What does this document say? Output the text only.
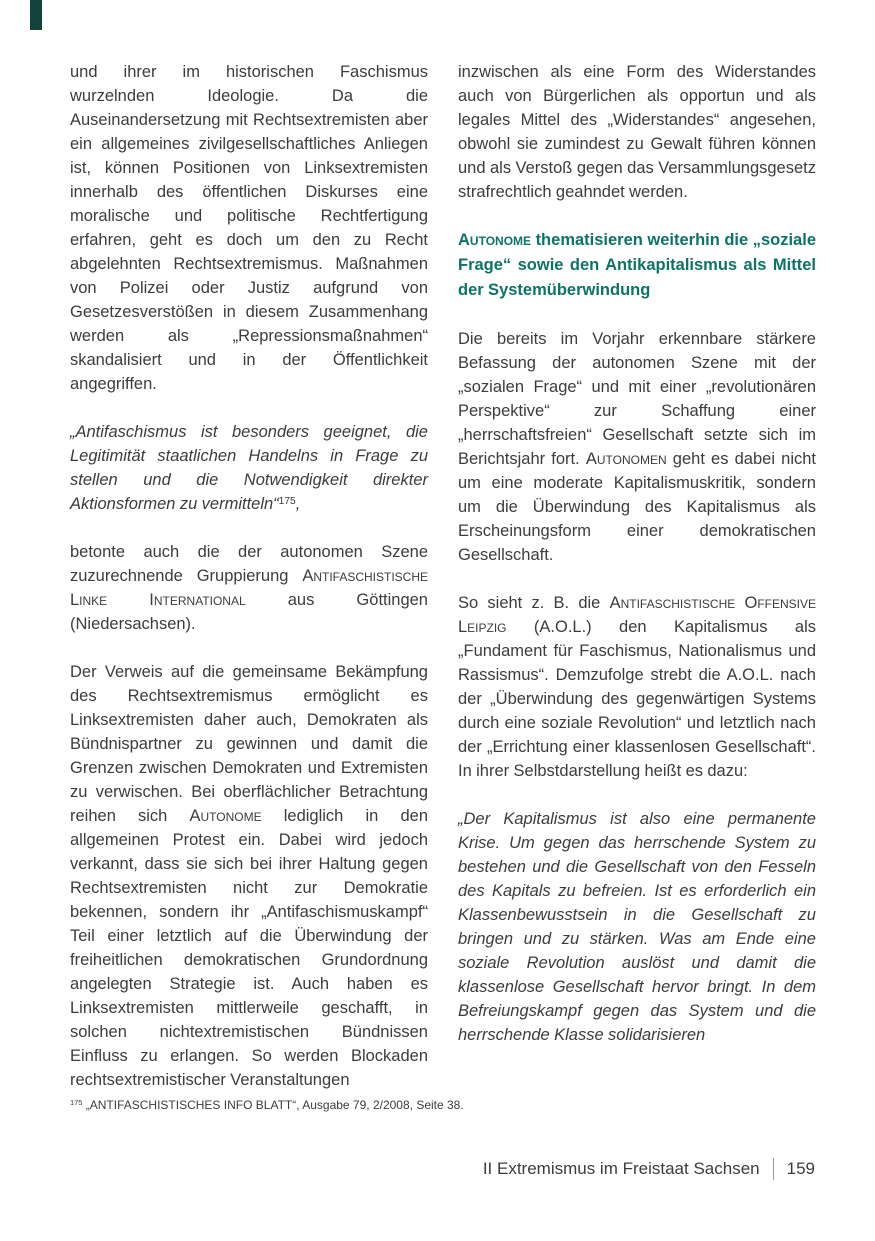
und ihrer im historischen Faschismus wurzelnden Ideologie. Da die Auseinandersetzung mit Rechtsextremisten aber ein allgemeines zivilgesellschaftliches Anliegen ist, können Positionen von Linksextremisten innerhalb des öffentlichen Diskurses eine moralische und politische Rechtfertigung erfahren, geht es doch um den zu Recht abgelehnten Rechtsextremismus. Maßnahmen von Polizei oder Justiz aufgrund von Gesetzesverstößen in diesem Zusammenhang werden als „Repressionsmaßnahmen“ skandalisiert und in der Öffentlichkeit angegriffen.

„Antifaschismus ist besonders geeignet, die Legitimität staatlichen Handelns in Frage zu stellen und die Notwendigkeit direkter Aktionsformen zu vermitteln“$^{175}$,

betonte auch die der autonomen Szene zuzurechnende Gruppierung Antifaschistische Linke International aus Göttingen (Niedersachsen).

Der Verweis auf die gemeinsame Bekämpfung des Rechtsextremismus ermöglicht es Linksextremisten daher auch, Demokraten als Bündnispartner zu gewinnen und damit die Grenzen zwischen Demokraten und Extremisten zu verwischen. Bei oberflächlicher Betrachtung reihen sich Autonome lediglich in den allgemeinen Protest ein. Dabei wird jedoch verkannt, dass sie sich bei ihrer Haltung gegen Rechtsextremisten nicht zur Demokratie bekennen, sondern ihr „Antifaschismuskampf“ Teil einer letztlich auf die Überwindung der freiheitlichen demokratischen Grundordnung angelegten Strategie ist. Auch haben es Linksextremisten mittlerweile geschafft, in solchen nichtextremistischen Bündnissen Einfluss zu erlangen. So werden Blockaden rechtsextremistischer Veranstaltungen

inzwischen als eine Form des Widerstandes auch von Bürgerlichen als opportun und als legales Mittel des „Widerstandes“ angesehen, obwohl sie zumindest zu Gewalt führen können und als Verstoß gegen das Versammlungsgesetz strafrechtlich geahndet werden.

Autonome thematisieren weiterhin die „soziale Frage“ sowie den Antikapitalismus als Mittel der Systemüberwindung

Die bereits im Vorjahr erkennbare stärkere Befassung der autonomen Szene mit der „sozialen Frage“ und mit einer „revolutionären Perspektive“ zur Schaffung einer „herrschaftsfreien“ Gesellschaft setzte sich im Berichtsjahr fort. Autonomen geht es dabei nicht um eine moderate Kapitalismuskritik, sondern um die Überwindung des Kapitalismus als Erscheinungsform einer demokratischen Gesellschaft.

So sieht z. B. die Antifaschistische Offensive Leipzig (A.O.L.) den Kapitalismus als „Fundament für Faschismus, Nationalismus und Rassismus“. Demzufolge strebt die A.O.L. nach der „Überwindung des gegenwärtigen Systems durch eine soziale Revolution“ und letztlich nach der „Errichtung einer klassenlosen Gesellschaft“. In ihrer Selbstdarstellung heißt es dazu:

„Der Kapitalismus ist also eine permanente Krise. Um gegen das herrschende System zu bestehen und die Gesellschaft von den Fesseln des Kapitals zu befreien. Ist es erforderlich ein Klassenbewusstsein in die Gesellschaft zu bringen und zu stärken. Was am Ende eine soziale Revolution auslöst und damit die klassenlose Gesellschaft hervor bringt. In dem Befreiungskampf gegen das System und die herrschende Klasse solidarisieren

$^{175}$ „ANTIFASCHISTISCHES INFO BLATT“, Ausgabe 79, 2/2008, Seite 38.
II Extremismus im Freistaat Sachsen 159
